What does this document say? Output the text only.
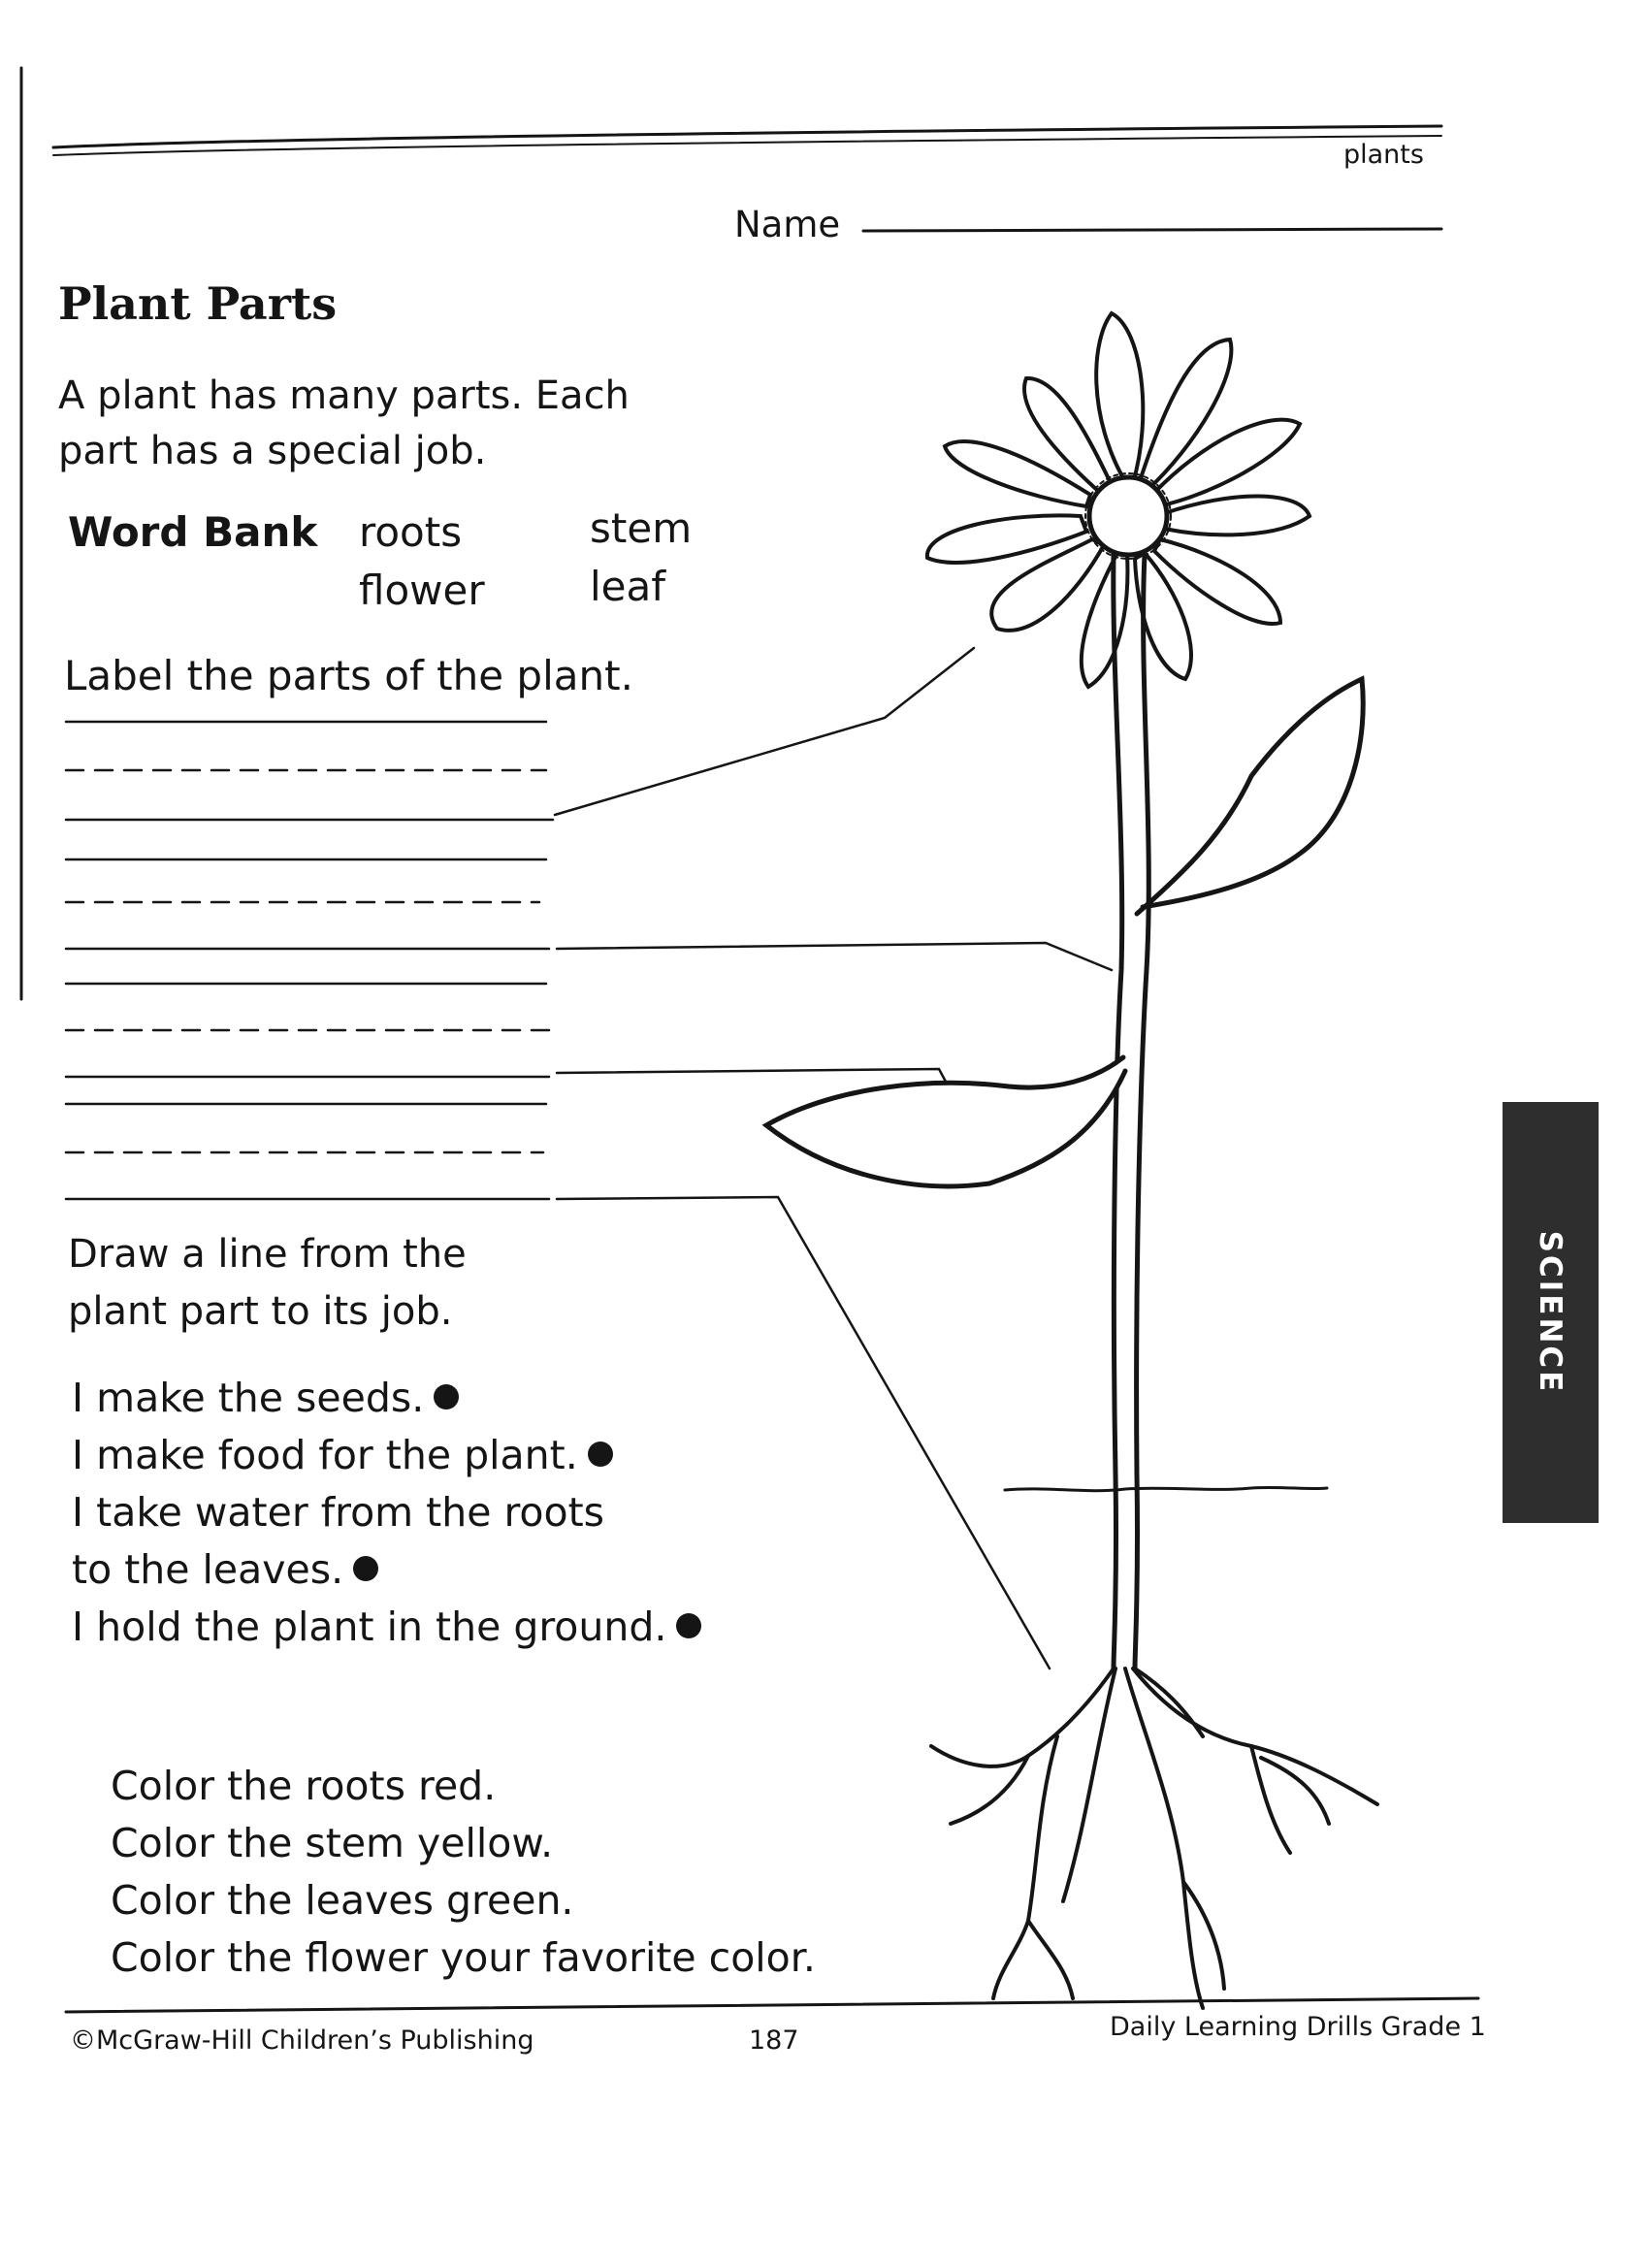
plants
Name
Plant Parts
A plant has many parts. Each
part has a special job.
Word Bank roots	stem
flower	leaf
Label the parts of the plant.
Draw a line from the
plant part to its job.
I make the seeds.
I make food for the plant.
I take water from the roots
to the leaves.
I hold the plant in the ground.
Color the roots red.
Color the stem yellow.
Color the leaves green.
Color the flower your favorite color.
SCIENCE
©McGraw-Hill Children’s Publishing	187	Daily Learning Drills Grade 1
